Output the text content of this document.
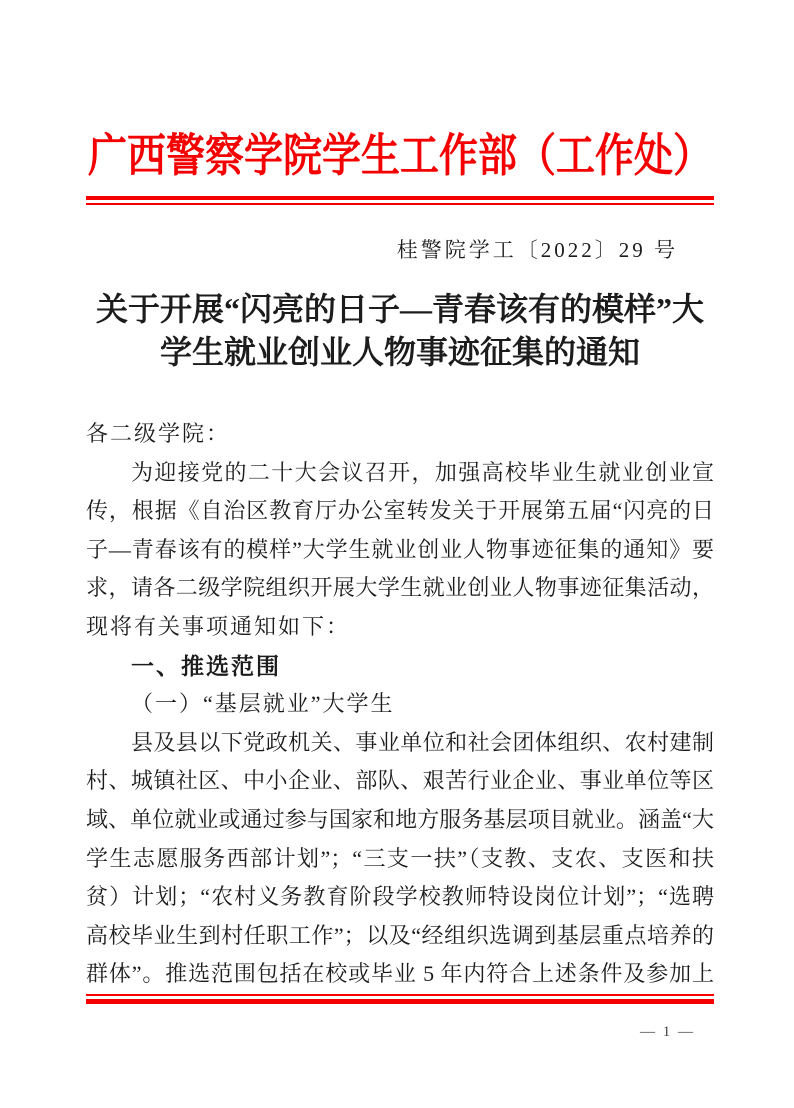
广西警察学院学生工作部（工作处）
桂警院学工〔2022〕29 号
关于开展“闪亮的日子—青春该有的模样”大
学生就业创业人物事迹征集的通知
各二级学院：
为迎接党的二十大会议召开，加强高校毕业生就业创业宣
传，根据《自治区教育厅办公室转发关于开展第五届“闪亮的日
子—青春该有的模样”大学生就业创业人物事迹征集的通知》要
求，请各二级学院组织开展大学生就业创业人物事迹征集活动，
现将有关事项通知如下：
一、推选范围
（一）“基层就业”大学生
县及县以下党政机关、事业单位和社会团体组织、农村建制
村、城镇社区、中小企业、部队、艰苦行业企业、事业单位等区
域、单位就业或通过参与国家和地方服务基层项目就业。涵盖“大
学生志愿服务西部计划”；“三支一扶”（支教、支农、支医和扶
贫）计划；“农村义务教育阶段学校教师特设岗位计划”；“选聘
高校毕业生到村任职工作”；以及“经组织选调到基层重点培养的
群体”。推选范围包括在校或毕业 5 年内符合上述条件及参加上
— 1 —
